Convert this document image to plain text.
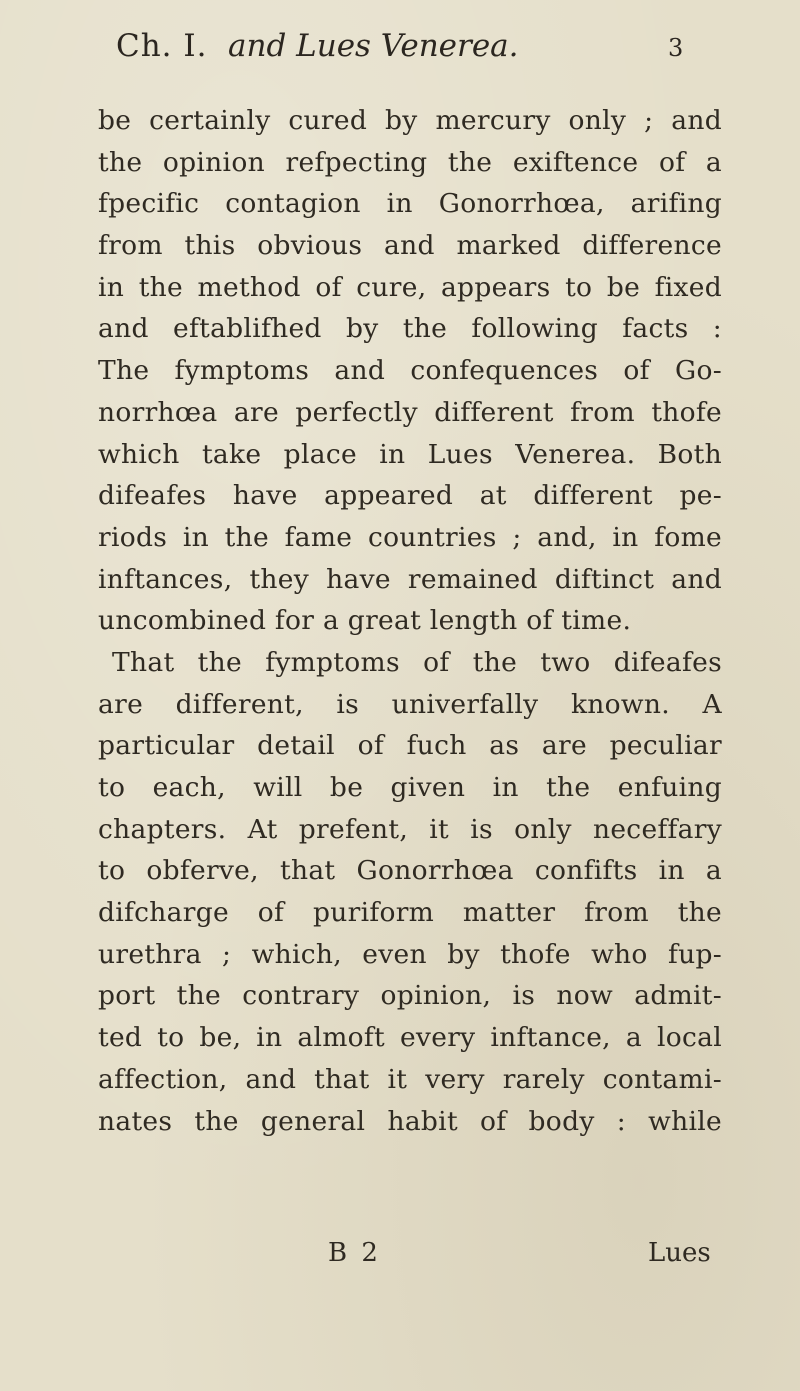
Ch. I. and Lues Venerea.	3
be certainly cured by mercury only ; and
the opinion refpecting the exiftence of a
fpecific contagion in Gonorrhœa, arifing
from this obvious and marked difference
in the method of cure, appears to be fixed
and eftablifhed by the following facts :
The fymptoms and confequences of Go-
norrhœa are perfectly different from thofe
which take place in Lues Venerea. Both
difeafes have appeared at different pe-
riods in the fame countries ; and, in fome
inftances, they have remained diftinct and
uncombined for a great length of time.
That the fymptoms of the two difeafes
are different, is univerfally known. A
particular detail of fuch as are peculiar
to each, will be given in the enfuing
chapters. At prefent, it is only neceffary
to obferve, that Gonorrhœa confifts in a
difcharge of puriform matter from the
urethra ; which, even by thofe who fup-
port the contrary opinion, is now admit-
ted to be, in almoft every inftance, a local
affection, and that it very rarely contami-
nates the general habit of body : while
B 2	Lues
